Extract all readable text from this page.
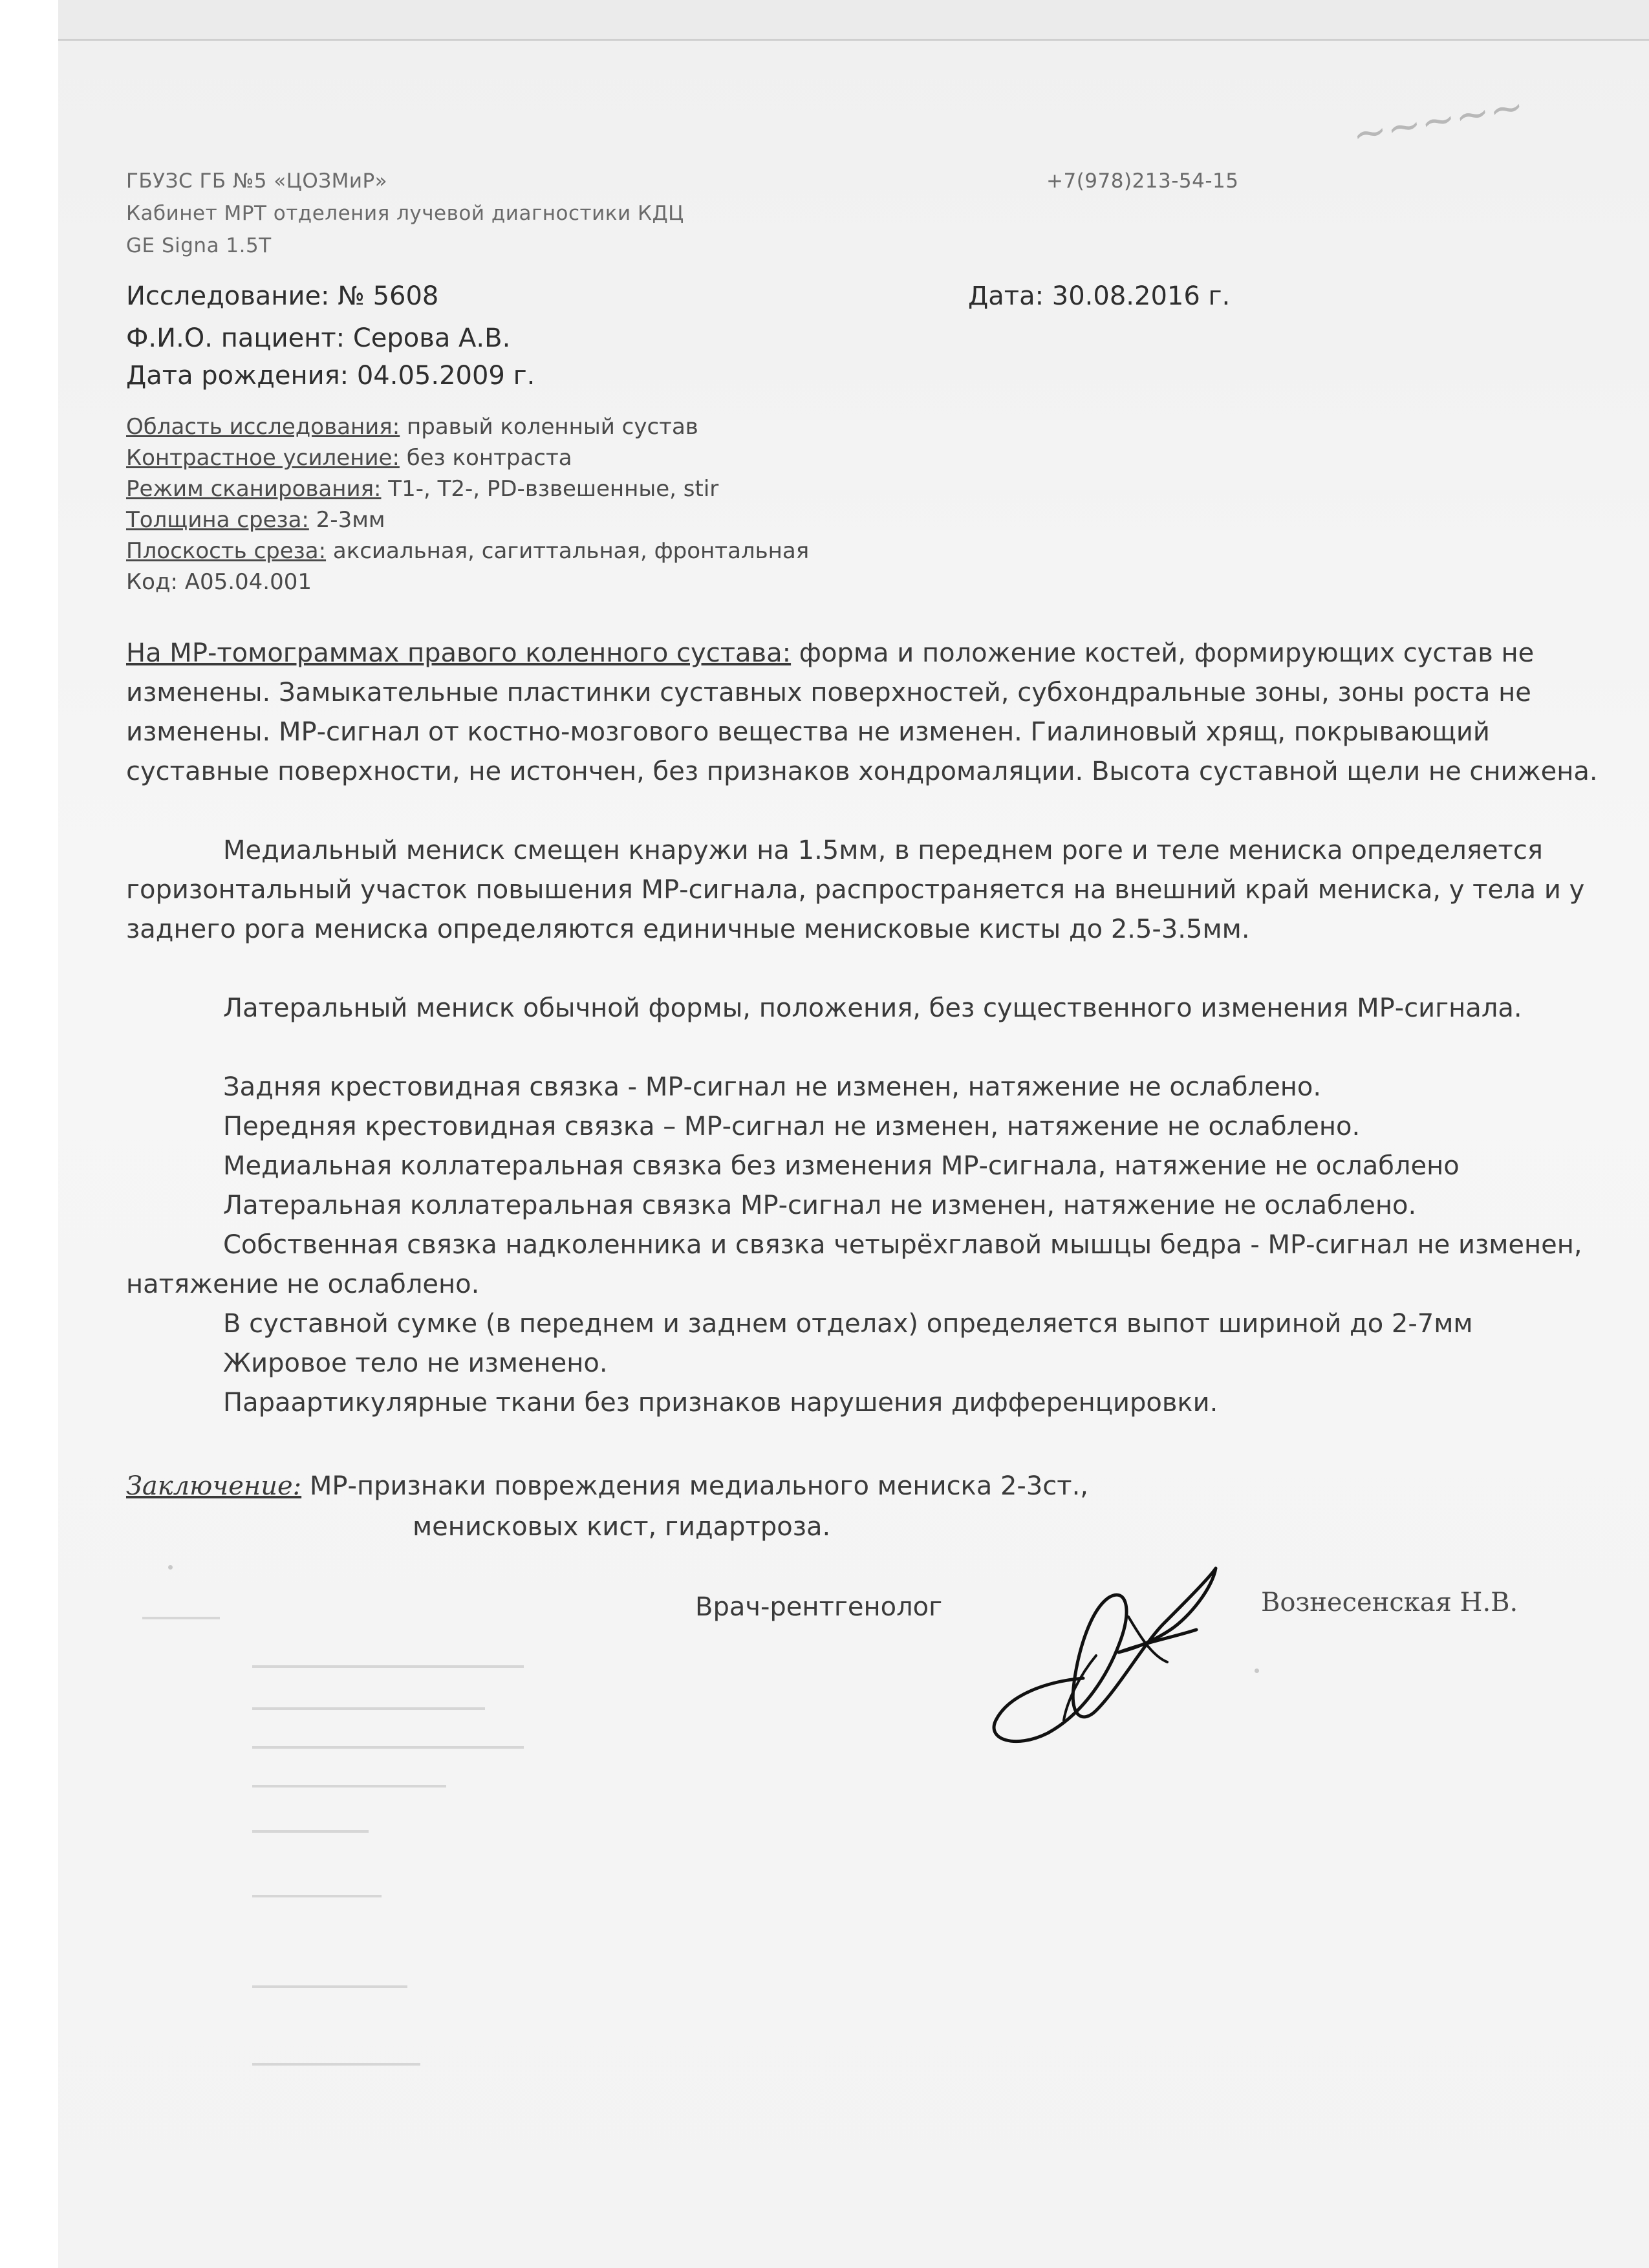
~~~~~
ГБУЗС ГБ №5 «ЦОЗМиР»
Кабинет МРТ отделения лучевой диагностики КДЦ
GE Signa 1.5T
+7(978)213-54-15
Исследование: № 5608	Дата: 30.08.2016 г.
Ф.И.О. пациент: Серова А.В.
Дата рождения: 04.05.2009 г.
Область исследования: правый коленный сустав
Контрастное усиление: без контраста
Режим сканирования: T1-, T2-, PD-взвешенные, stir
Толщина среза: 2-3мм
Плоскость среза: аксиальная, сагиттальная, фронтальная
Код: A05.04.001
На МР-томограммах правого коленного сустава: форма и положение костей, формирующих сустав не изменены. Замыкательные пластинки суставных поверхностей, субхондральные зоны, зоны роста не изменены. МР-сигнал от костно-мозгового вещества не изменен. Гиалиновый хрящ, покрывающий суставные поверхности, не истончен, без признаков хондромаляции. Высота суставной щели не снижена.
Медиальный мениск смещен кнаружи на 1.5мм, в переднем роге и теле мениска определяется горизонтальный участок повышения МР-сигнала, распространяется на внешний край мениска, у тела и у заднего рога мениска определяются единичные менисковые кисты до 2.5-3.5мм.
Латеральный мениск обычной формы, положения, без существенного изменения МР-сигнала.
Задняя крестовидная связка - МР-сигнал не изменен, натяжение не ослаблено.
Передняя крестовидная связка – МР-сигнал не изменен, натяжение не ослаблено.
Медиальная коллатеральная связка без изменения МР-сигнала, натяжение не ослаблено
Латеральная коллатеральная связка МР-сигнал не изменен, натяжение не ослаблено.
Собственная связка надколенника и связка четырёхглавой мышцы бедра - МР-сигнал не изменен, натяжение не ослаблено.
В суставной сумке (в переднем и заднем отделах) определяется выпот шириной до 2-7мм
Жировое тело не изменено.
Параартикулярные ткани без признаков нарушения дифференцировки.
Заключение: МР-признаки повреждения медиального мениска 2-3ст.,
менисковых кист, гидартроза.
Врач-рентгенолог	Вознесенская Н.В.
